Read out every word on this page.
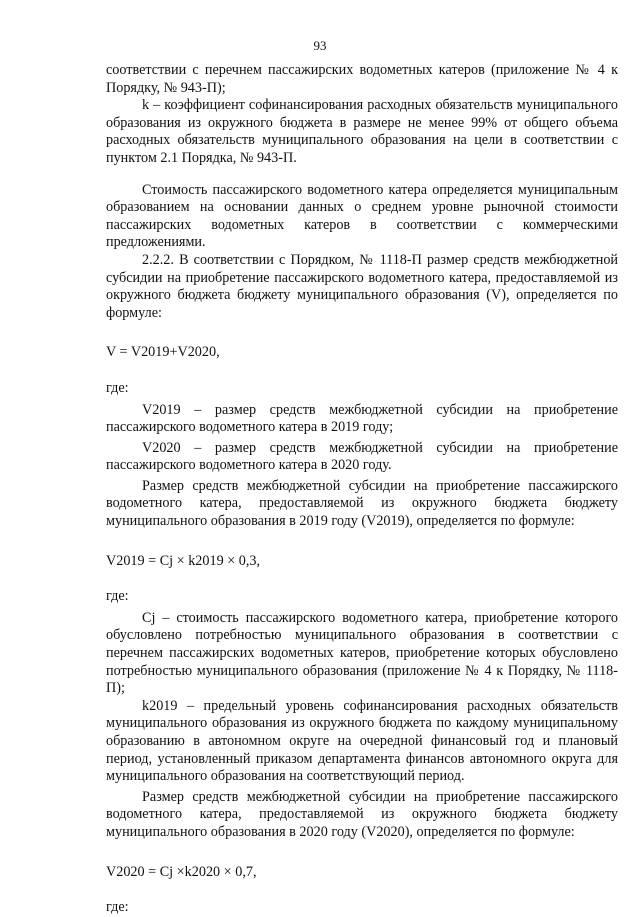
93

соответствии с перечнем пассажирских водометных катеров (приложение № 4 к Порядку, № 943-П);

k – коэффициент софинансирования расходных обязательств муниципального образования из окружного бюджета в размере не менее 99% от общего объема расходных обязательств муниципального образования на цели в соответствии с пунктом 2.1 Порядка, № 943-П.

Стоимость пассажирского водометного катера определяется муниципальным образованием на основании данных о среднем уровне рыночной стоимости пассажирских водометных катеров в соответствии с коммерческими предложениями.

2.2.2. В соответствии с Порядком, № 1118-П размер средств межбюджетной субсидии на приобретение пассажирского водометного катера, предоставляемой из окружного бюджета бюджету муниципального образования (V), определяется по формуле:

V = V2019+V2020,

где:

V2019 – размер средств межбюджетной субсидии на приобретение пассажирского водометного катера в 2019 году;

V2020 – размер средств межбюджетной субсидии на приобретение пассажирского водометного катера в 2020 году.

Размер средств межбюджетной субсидии на приобретение пассажирского водометного катера, предоставляемой из окружного бюджета бюджету муниципального образования в 2019 году (V2019), определяется по формуле:

V2019 = Cj × k2019 × 0,3,

где:

Cj – стоимость пассажирского водометного катера, приобретение которого обусловлено потребностью муниципального образования в соответствии с перечнем пассажирских водометных катеров, приобретение которых обусловлено потребностью муниципального образования (приложение № 4 к Порядку, № 1118-П);

k2019 – предельный уровень софинансирования расходных обязательств муниципального образования из окружного бюджета по каждому муниципальному образованию в автономном округе на очередной финансовый год и плановый период, установленный приказом департамента финансов автономного округа для муниципального образования на соответствующий период.

Размер средств межбюджетной субсидии на приобретение пассажирского водометного катера, предоставляемой из окружного бюджета бюджету муниципального образования в 2020 году (V2020), определяется по формуле:

V2020 = Cj ×k2020 × 0,7,

где:
